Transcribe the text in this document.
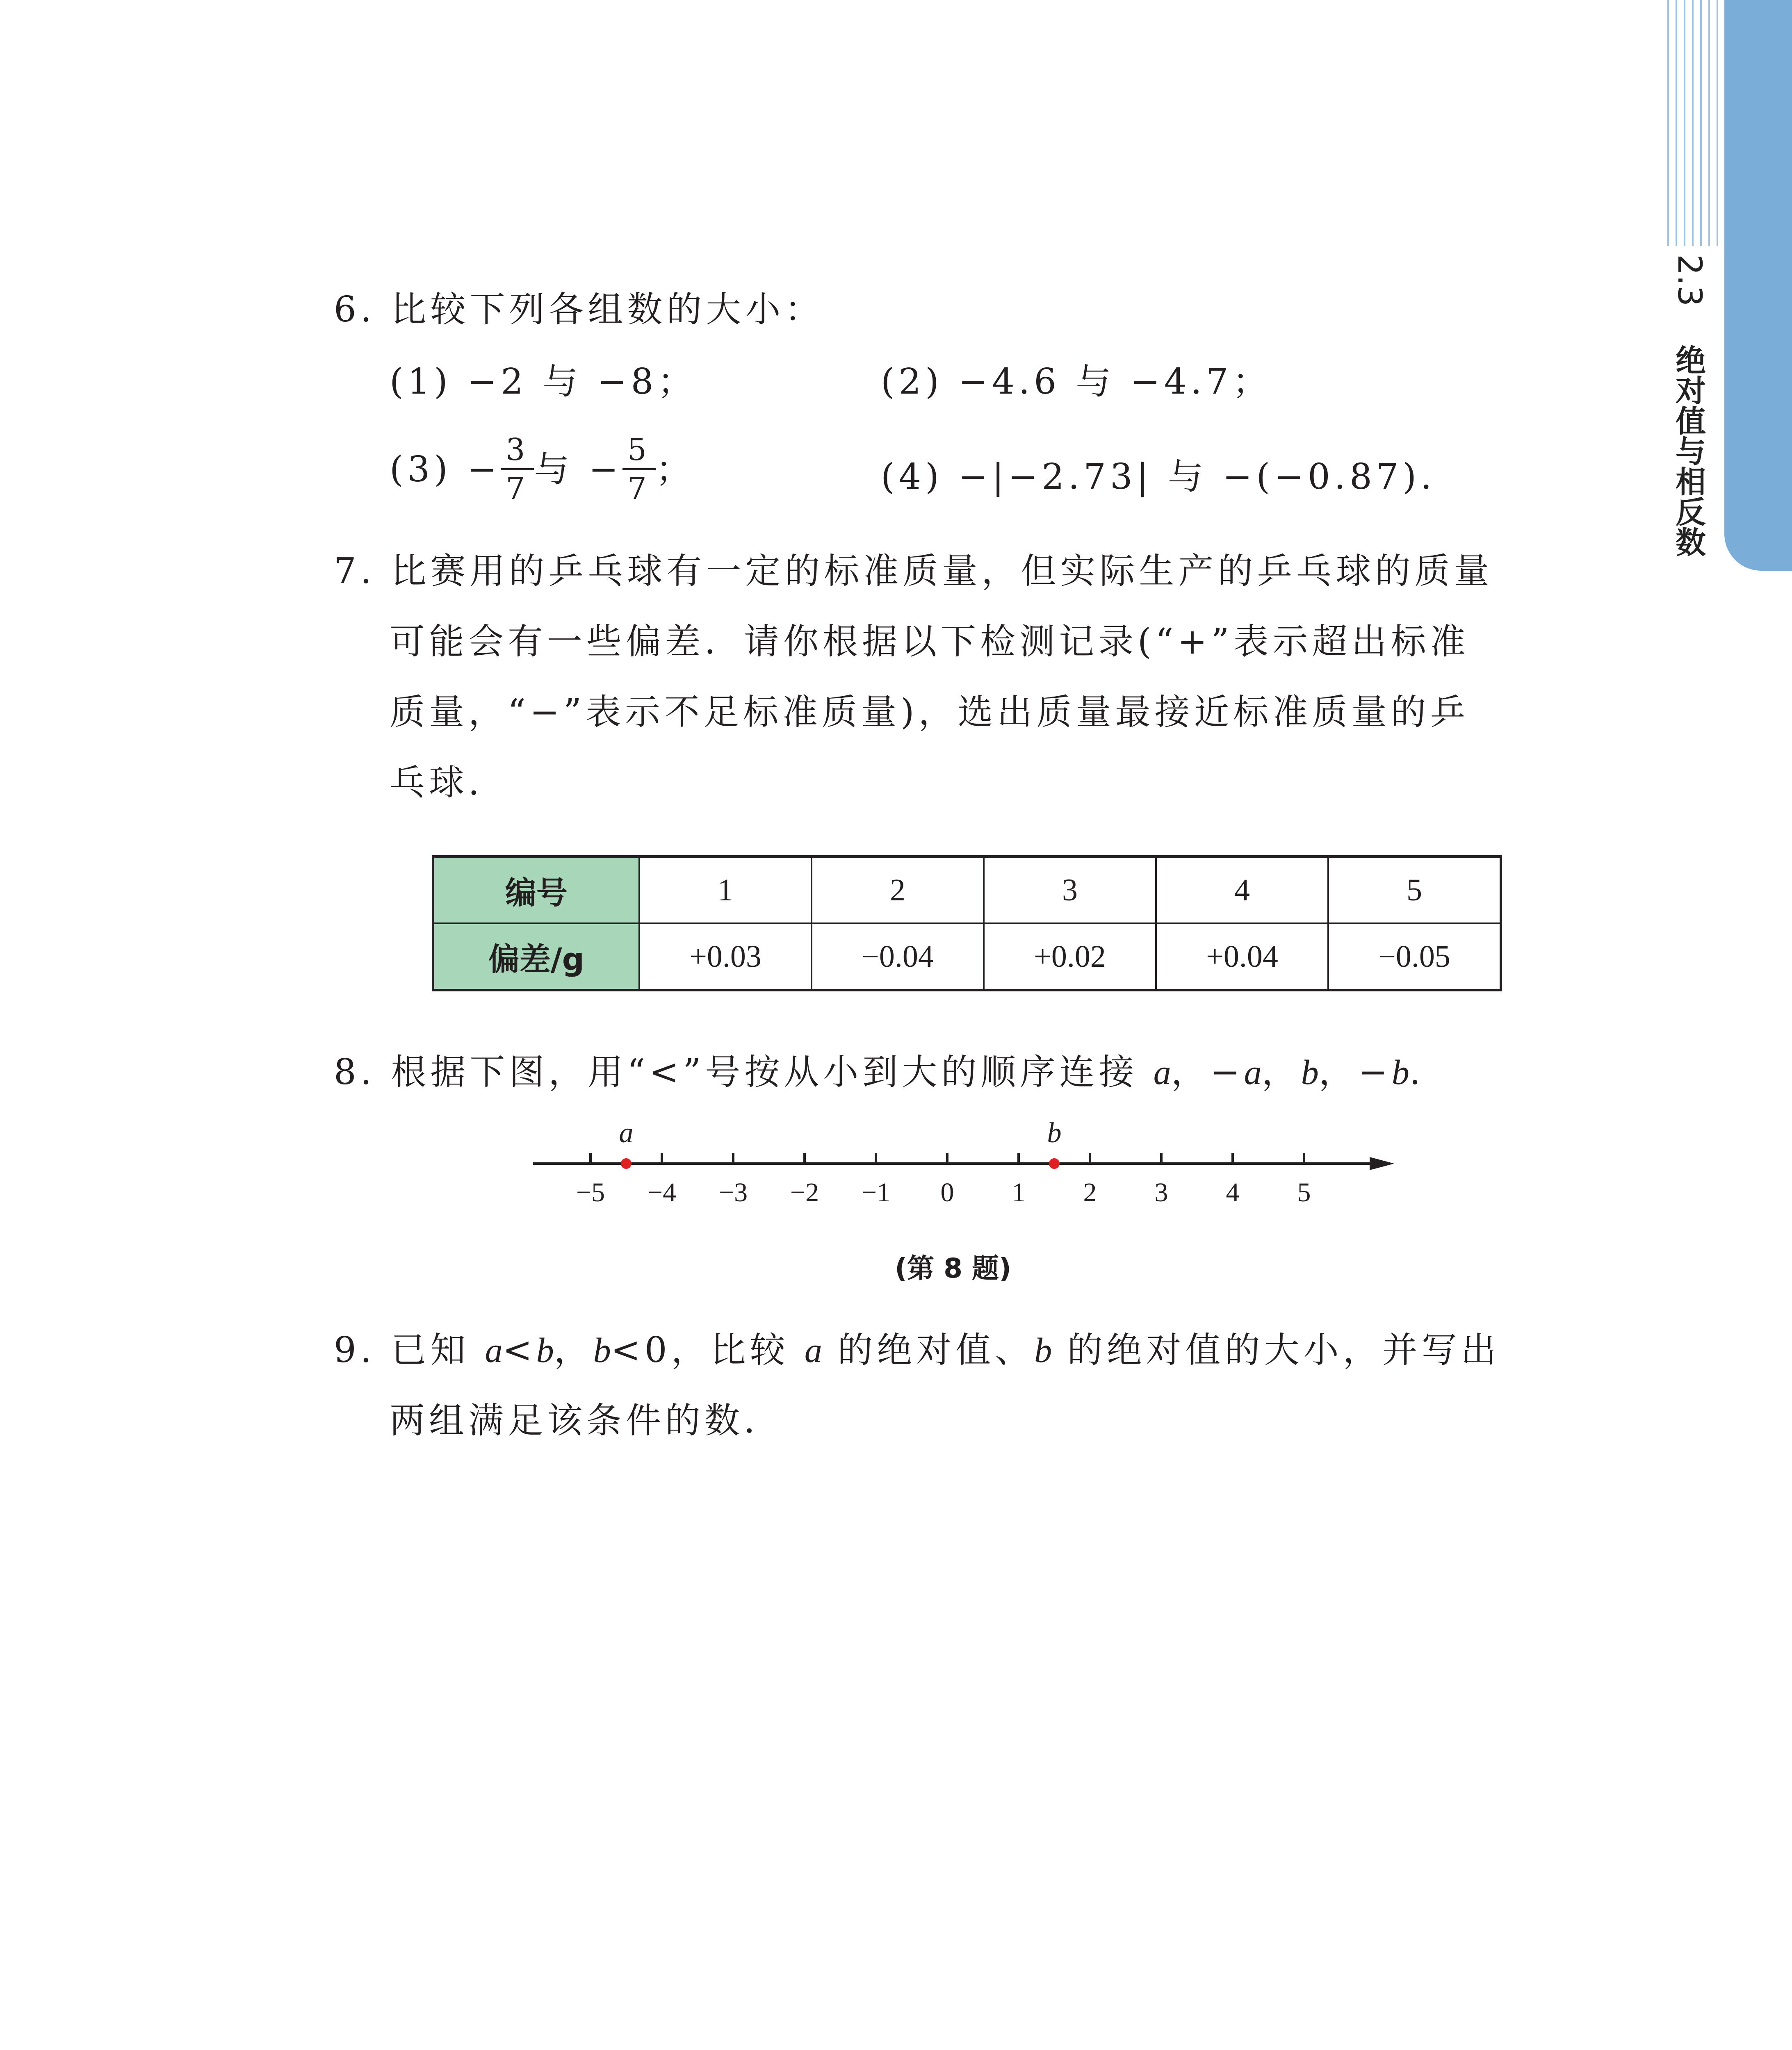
2.3
绝对值与相反数
6. 比较下列各组数的大小：
(1) −2 与 −8；	(2) −4.6 与 −4.7；
$(3) - \frac{3}{7}$ 与 − $\frac{5}{7}$ ；	(4) −|−2.73| 与 −(−0.87).
7. 比赛用的乒乓球有一定的标准质量，但实际生产的乒乓球的质量
可能会有一些偏差．请你根据以下检测记录(“+”表示超出标准
质量，“−”表示不足标准质量)，选出质量最接近标准质量的乒
乓球．
编号	1	2	3	4	5
偏差/g	+0.03	−0.04	+0.02	+0.04	−0.05
8. 根据下图，用“<”号按从小到大的顺序连接 a，−a，b，−b.
−5 −4 −3 −2 −1 0 1 2 3 4 5
a	b
(第 8 题)
9. 已知 a<b，b<0，比较 a 的绝对值、b 的绝对值的大小，并写出
两组满足该条件的数．
